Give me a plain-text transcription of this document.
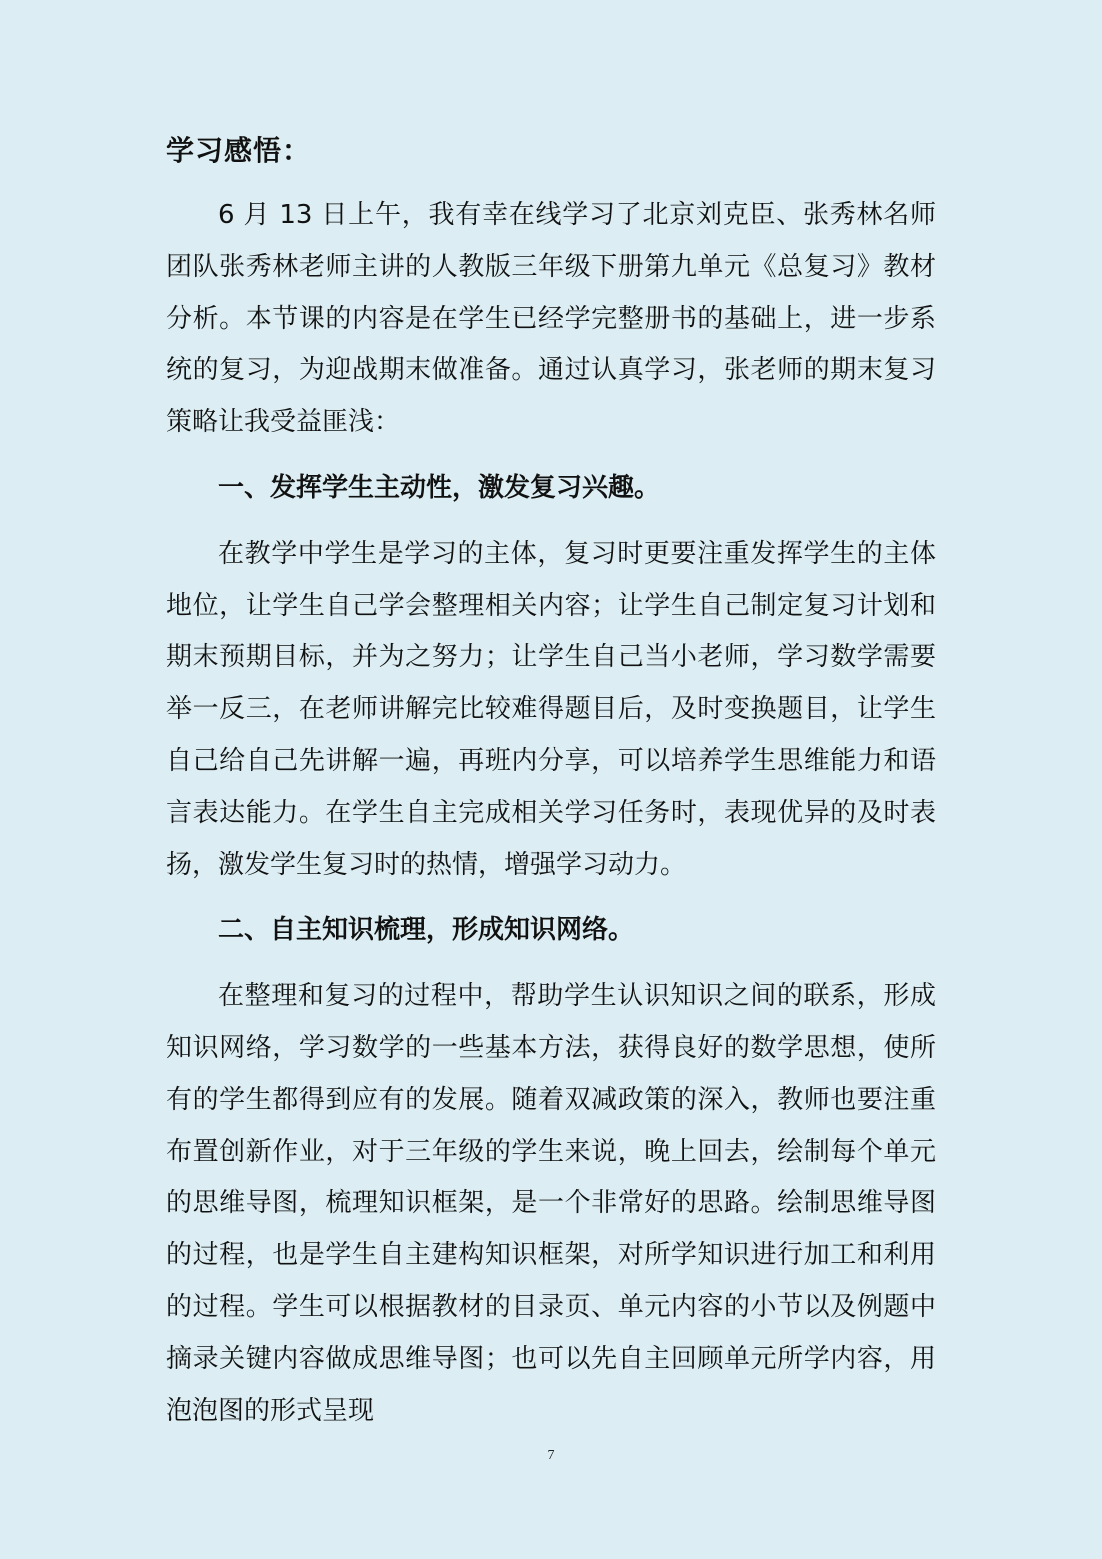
学习感悟：

6 月 13 日上午，我有幸在线学习了北京刘克臣、张秀林名师团队张秀林老师主讲的人教版三年级下册第九单元《总复习》教材分析。本节课的内容是在学生已经学完整册书的基础上，进一步系统的复习，为迎战期末做准备。通过认真学习，张老师的期末复习策略让我受益匪浅：

一、发挥学生主动性，激发复习兴趣。

在教学中学生是学习的主体，复习时更要注重发挥学生的主体地位，让学生自己学会整理相关内容；让学生自己制定复习计划和期末预期目标，并为之努力；让学生自己当小老师，学习数学需要举一反三，在老师讲解完比较难得题目后，及时变换题目，让学生自己给自己先讲解一遍，再班内分享，可以培养学生思维能力和语言表达能力。在学生自主完成相关学习任务时，表现优异的及时表扬，激发学生复习时的热情，增强学习动力。

二、自主知识梳理，形成知识网络。

在整理和复习的过程中，帮助学生认识知识之间的联系，形成知识网络，学习数学的一些基本方法，获得良好的数学思想，使所有的学生都得到应有的发展。随着双减政策的深入，教师也要注重布置创新作业，对于三年级的学生来说，晚上回去，绘制每个单元的思维导图，梳理知识框架，是一个非常好的思路。绘制思维导图的过程，也是学生自主建构知识框架，对所学知识进行加工和利用的过程。学生可以根据教材的目录页、单元内容的小节以及例题中摘录关键内容做成思维导图；也可以先自主回顾单元所学内容，用泡泡图的形式呈现

7
